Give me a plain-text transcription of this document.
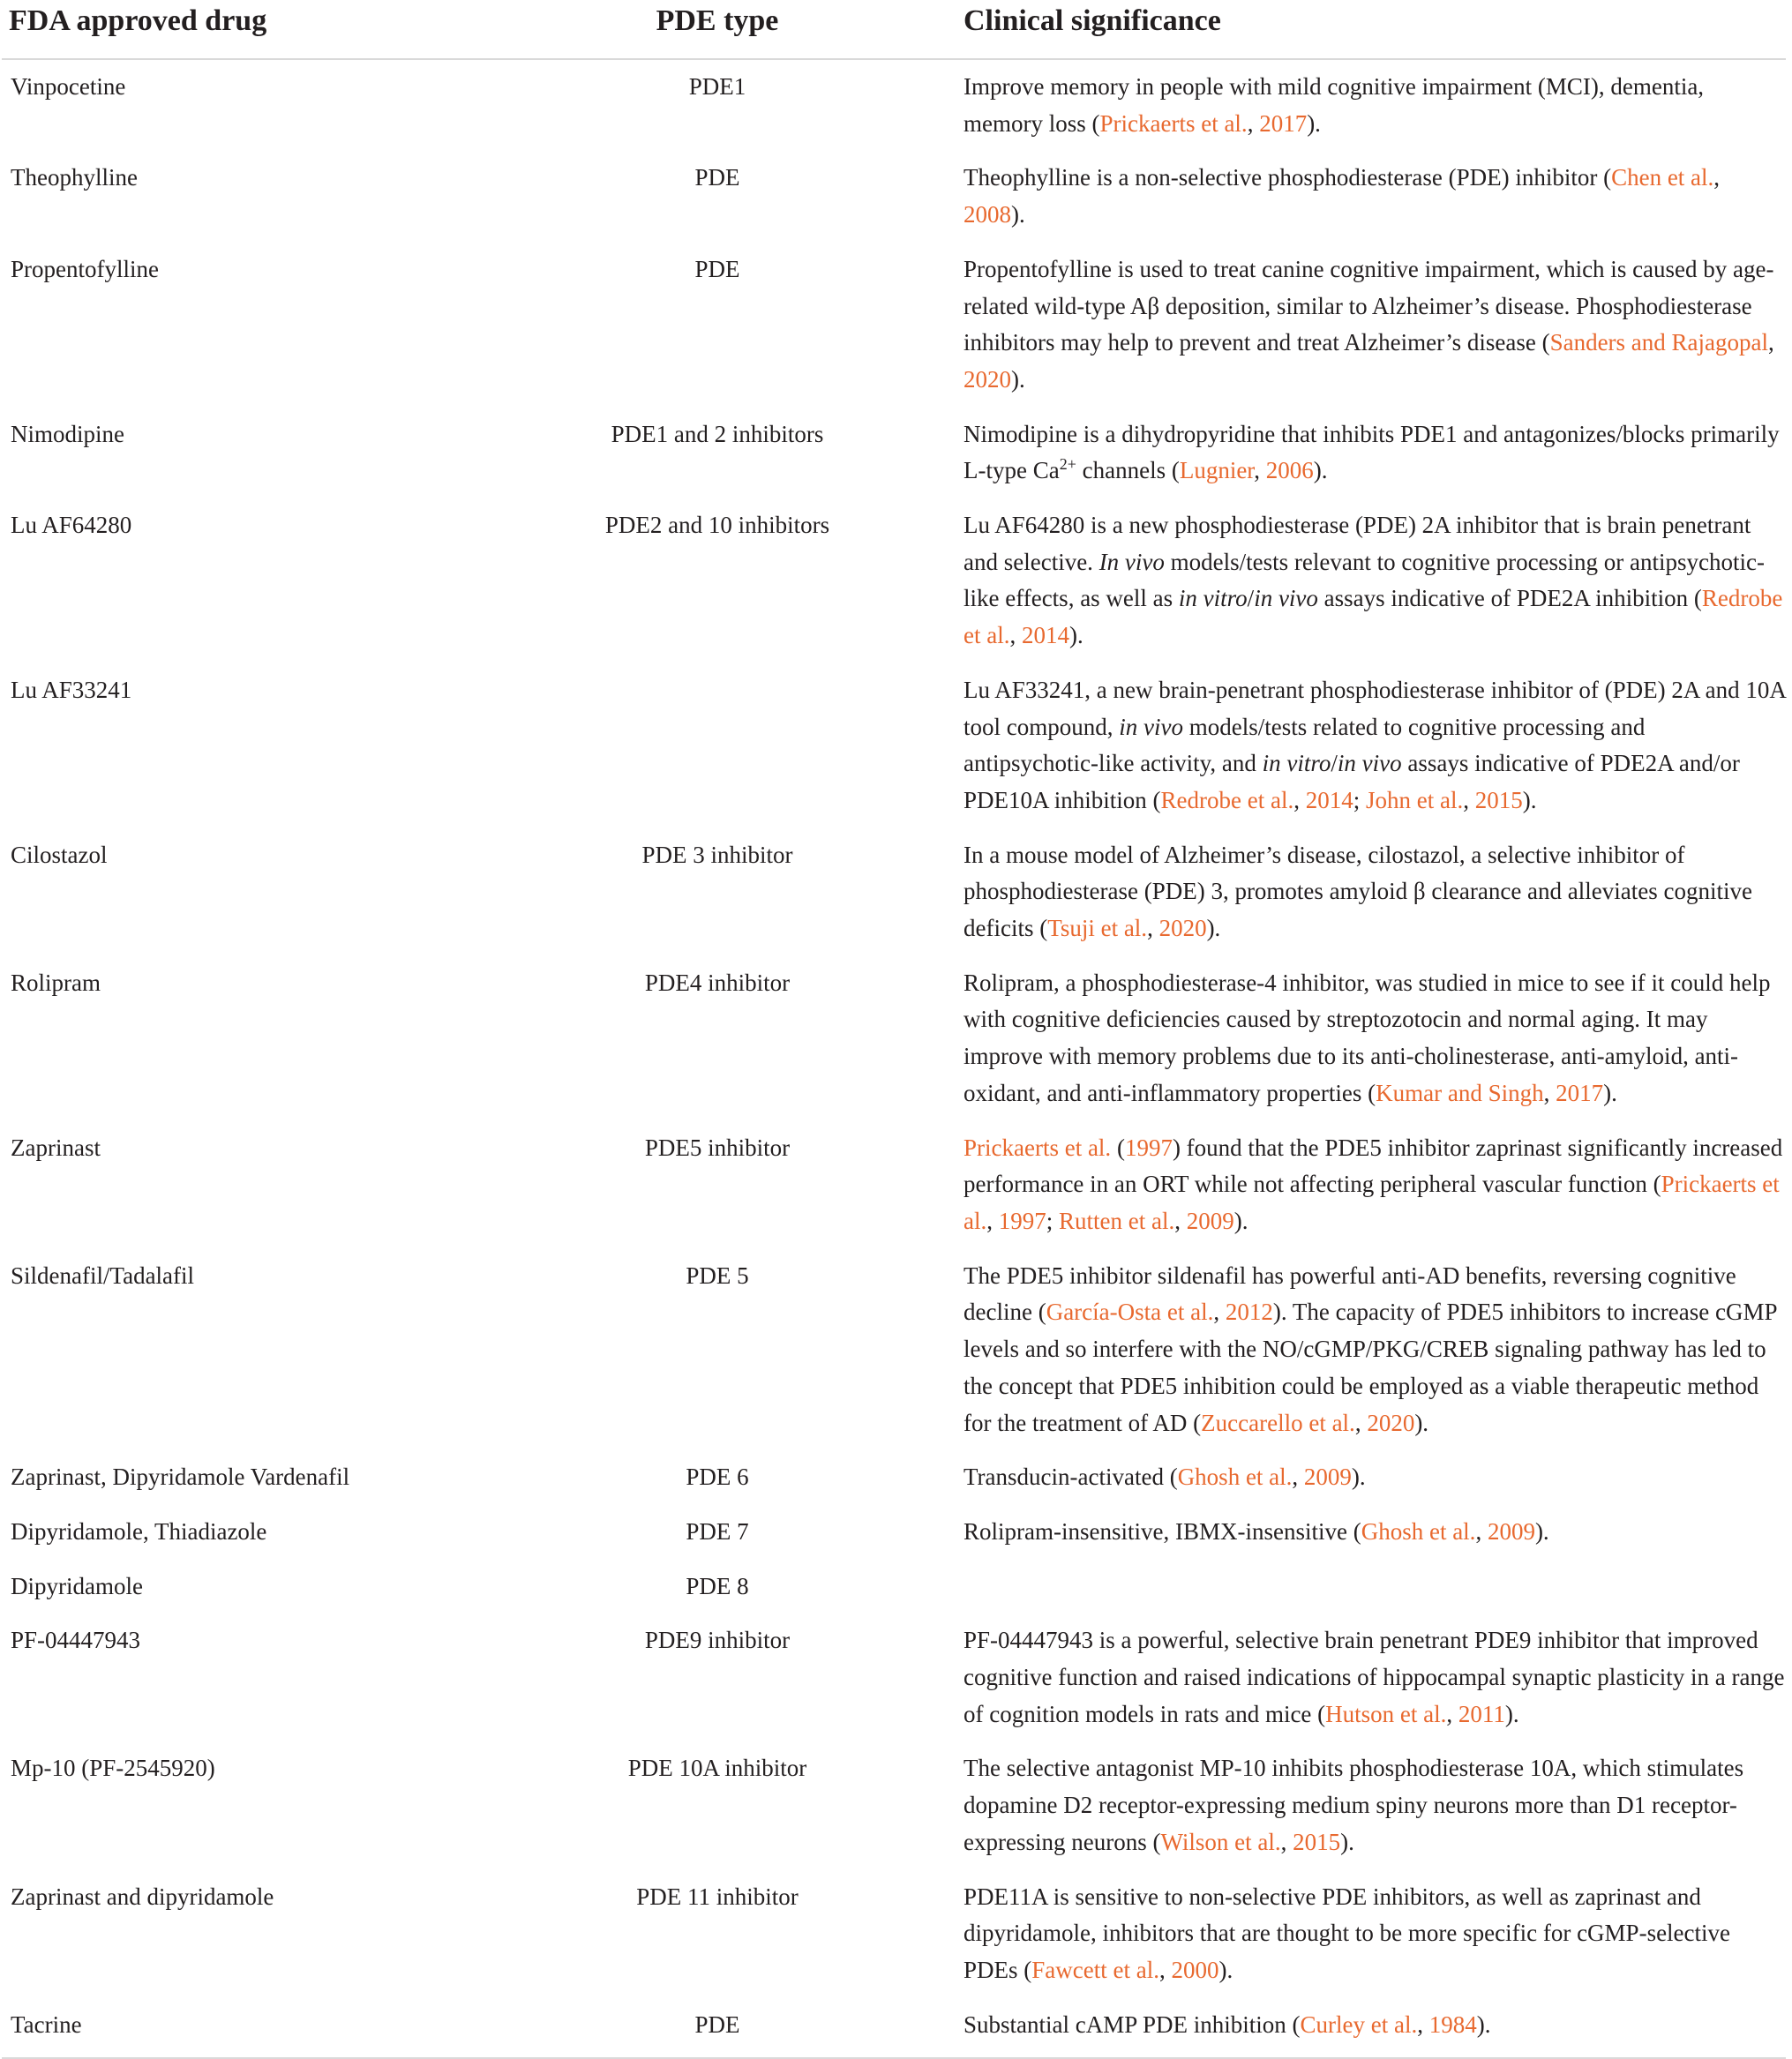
FDA approved drug	PDE type	Clinical significance
Vinpocetine	PDE1	Improve memory in people with mild cognitive impairment (MCI), dementia, memory loss (Prickaerts et al., 2017).
Theophylline	PDE	Theophylline is a non-selective phosphodiesterase (PDE) inhibitor (Chen et al., 2008).
Propentofylline	PDE	Propentofylline is used to treat canine cognitive impairment, which is caused by age-related wild-type Aβ deposition, similar to Alzheimer’s disease. Phosphodiesterase inhibitors may help to prevent and treat Alzheimer’s disease (Sanders and Rajagopal, 2020).
Nimodipine	PDE1 and 2 inhibitors	Nimodipine is a dihydropyridine that inhibits PDE1 and antagonizes/blocks primarily L-type $Ca^{2+}$ channels (Lugnier, 2006).
Lu AF64280	PDE2 and 10 inhibitors	Lu AF64280 is a new phosphodiesterase (PDE) 2A inhibitor that is brain penetrant and selective. In vivo models/tests relevant to cognitive processing or antipsychotic-like effects, as well as in vitro/in vivo assays indicative of PDE2A inhibition (Redrobe et al., 2014).
Lu AF33241		Lu AF33241, a new brain-penetrant phosphodiesterase inhibitor of (PDE) 2A and 10A tool compound, in vivo models/tests related to cognitive processing and antipsychotic-like activity, and in vitro/in vivo assays indicative of PDE2A and/or PDE10A inhibition (Redrobe et al., 2014; John et al., 2015).
Cilostazol	PDE 3 inhibitor	In a mouse model of Alzheimer’s disease, cilostazol, a selective inhibitor of phosphodiesterase (PDE) 3, promotes amyloid β clearance and alleviates cognitive deficits (Tsuji et al., 2020).
Rolipram	PDE4 inhibitor	Rolipram, a phosphodiesterase-4 inhibitor, was studied in mice to see if it could help with cognitive deficiencies caused by streptozotocin and normal aging. It may improve with memory problems due to its anti-cholinesterase, anti-amyloid, anti-oxidant, and anti-inflammatory properties (Kumar and Singh, 2017).
Zaprinast	PDE5 inhibitor	Prickaerts et al. (1997) found that the PDE5 inhibitor zaprinast significantly increased performance in an ORT while not affecting peripheral vascular function (Prickaerts et al., 1997; Rutten et al., 2009).
Sildenafil/Tadalafil	PDE 5	The PDE5 inhibitor sildenafil has powerful anti-AD benefits, reversing cognitive decline (García-Osta et al., 2012). The capacity of PDE5 inhibitors to increase cGMP levels and so interfere with the NO/cGMP/PKG/CREB signaling pathway has led to the concept that PDE5 inhibition could be employed as a viable therapeutic method for the treatment of AD (Zuccarello et al., 2020).
Zaprinast, Dipyridamole Vardenafil	PDE 6	Transducin-activated (Ghosh et al., 2009).
Dipyridamole, Thiadiazole	PDE 7	Rolipram-insensitive, IBMX-insensitive (Ghosh et al., 2009).
Dipyridamole	PDE 8	
PF-04447943	PDE9 inhibitor	PF-04447943 is a powerful, selective brain penetrant PDE9 inhibitor that improved cognitive function and raised indications of hippocampal synaptic plasticity in a range of cognition models in rats and mice (Hutson et al., 2011).
Mp-10 (PF-2545920)	PDE 10A inhibitor	The selective antagonist MP-10 inhibits phosphodiesterase 10A, which stimulates dopamine D2 receptor-expressing medium spiny neurons more than D1 receptor-expressing neurons (Wilson et al., 2015).
Zaprinast and dipyridamole	PDE 11 inhibitor	PDE11A is sensitive to non-selective PDE inhibitors, as well as zaprinast and dipyridamole, inhibitors that are thought to be more specific for cGMP-selective PDEs (Fawcett et al., 2000).
Tacrine	PDE	Substantial cAMP PDE inhibition (Curley et al., 1984).
